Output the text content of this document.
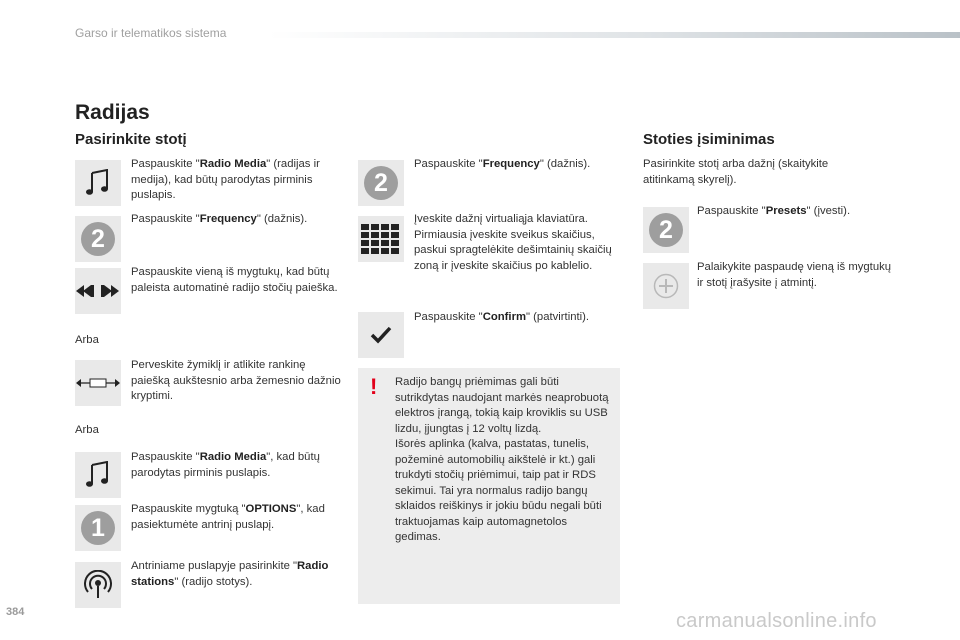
Garso ir telematikos sistema
Radijas
Pasirinkite stotį
Paspauskite "Radio Media" (radijas ir medija), kad būtų parodytas pirminis puslapis.
2
Paspauskite "Frequency" (dažnis).
Paspauskite vieną iš mygtukų, kad būtų paleista automatinė radijo stočių paieška.
Arba
Perveskite žymiklį ir atlikite rankinę paiešką aukštesnio arba žemesnio dažnio kryptimi.
Arba
Paspauskite "Radio Media", kad būtų parodytas pirminis puslapis.
1
Paspauskite mygtuką "OPTIONS", kad pasiektumėte antrinį puslapį.
Antriniame puslapyje pasirinkite "Radio stations" (radijo stotys).
2
Paspauskite "Frequency" (dažnis).
Įveskite dažnį virtualiąja klaviatūra. Pirmiausia įveskite sveikus skaičius, paskui spragtelėkite dešimtainių skaičių zoną ir įveskite skaičius po kablelio.
Paspauskite "Confirm" (patvirtinti).
! Radijo bangų priėmimas gali būti sutrikdytas naudojant markės neaprobuotą elektros įrangą, tokią kaip kroviklis su USB lizdu, įjungtas į 12 voltų lizdą.
Išorės aplinka (kalva, pastatas, tunelis, požeminė automobilių aikštelė ir kt.) gali trukdyti stočių priėmimui, taip pat ir RDS sekimui. Tai yra normalus radijo bangų sklaidos reiškinys ir jokiu būdu negali būti traktuojamas kaip automagnetolos gedimas.
Stoties įsiminimas
Pasirinkite stotį arba dažnį (skaitykite atitinkamą skyrelį).
2
Paspauskite "Presets" (įvesti).
Palaikykite paspaudę vieną iš mygtukų ir stotį įrašysite į atmintį.
384	carmanualsonline.info
